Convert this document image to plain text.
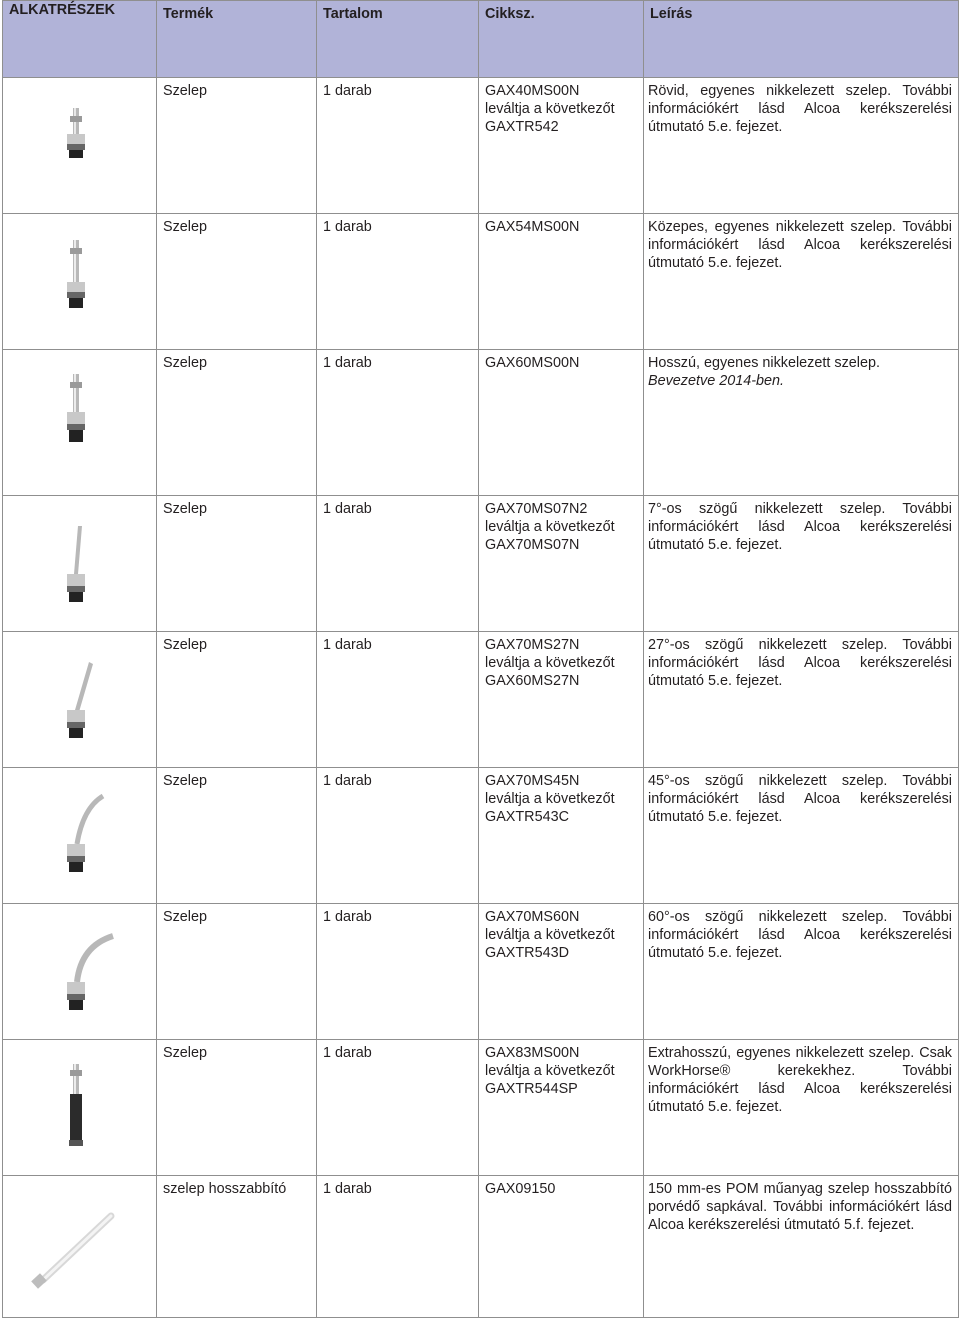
ALKATRÉSZEK	Termék	Tartalom	Cikksz.	Leírás

	Szelep	1 darab	GAX40MS00N
leváltja a következőt
GAXTR542	Rövid, egyenes nikkelezett szelep. További információkért lásd Alcoa kerékszerelési útmutató 5.e. fejezet.

	Szelep	1 darab	GAX54MS00N	Közepes, egyenes nikkelezett szelep. További információkért lásd Alcoa kerékszerelési útmutató 5.e. fejezet.

	Szelep	1 darab	GAX60MS00N	Hosszú, egyenes nikkelezett szelep.
Bevezetve 2014-ben.

	Szelep	1 darab	GAX70MS07N2
leváltja a következőt
GAX70MS07N	7°-os szögű nikkelezett szelep. További információkért lásd Alcoa kerékszerelési útmutató 5.e. fejezet.

	Szelep	1 darab	GAX70MS27N
leváltja a következőt
GAX60MS27N	27°-os szögű nikkelezett szelep. További információkért lásd Alcoa kerékszerelési útmutató 5.e. fejezet.

	Szelep	1 darab	GAX70MS45N
leváltja a következőt
GAXTR543C	45°-os szögű nikkelezett szelep. További információkért lásd Alcoa kerékszerelési útmutató 5.e. fejezet.

	Szelep	1 darab	GAX70MS60N
leváltja a következőt
GAXTR543D	60°-os szögű nikkelezett szelep. További információkért lásd Alcoa kerékszerelési útmutató 5.e. fejezet.

	Szelep	1 darab	GAX83MS00N
leváltja a következőt
GAXTR544SP	Extrahosszú, egyenes nikkelezett szelep. Csak WorkHorse® kerekekhez. További információkért lásd Alcoa kerékszerelési útmutató 5.e. fejezet.

	szelep hosszabbító	1 darab	GAX09150	150 mm-es POM műanyag szelep hosszabbító porvédő sapkával. További információkért lásd Alcoa kerékszerelési útmutató 5.f. fejezet.
